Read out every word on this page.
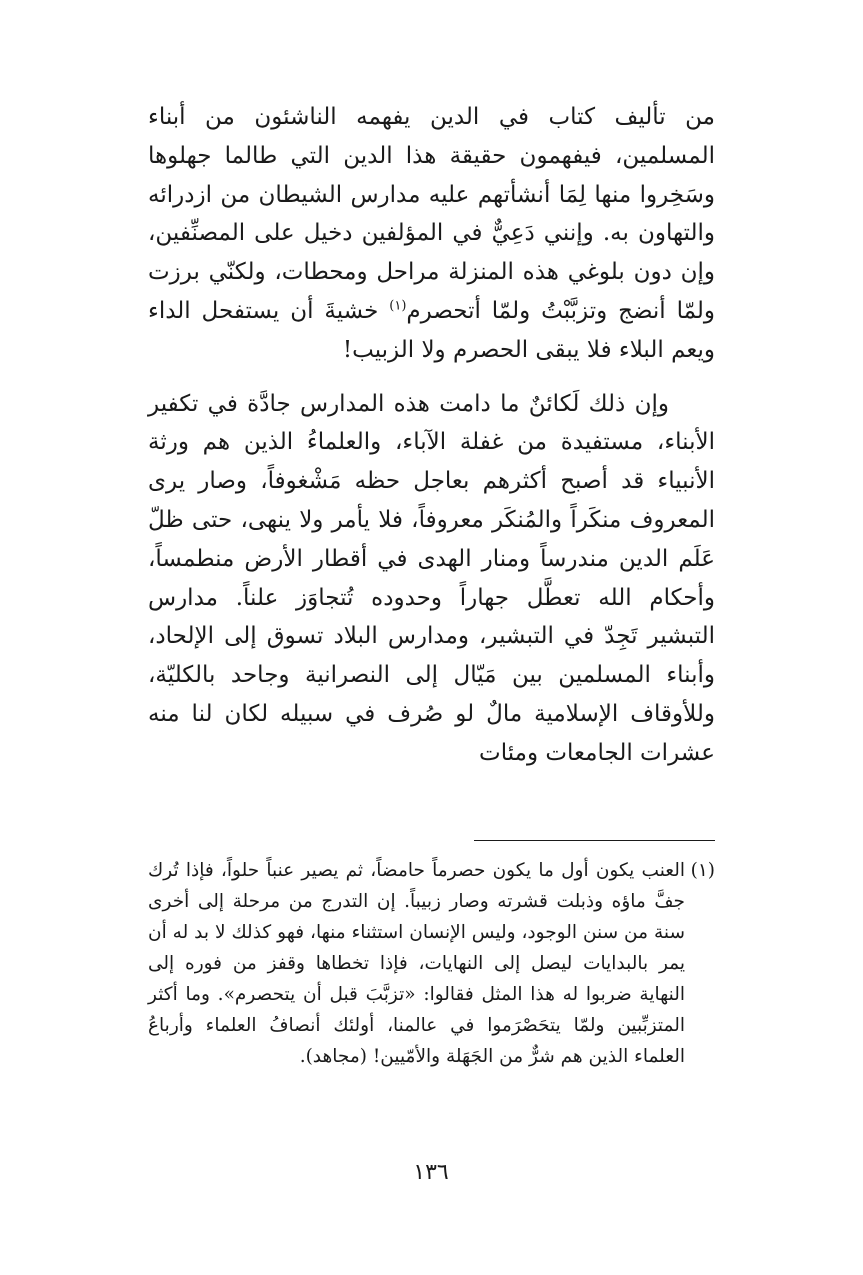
من تأليف كتاب في الدين يفهمه الناشئون من أبناء المسلمين، فيفهمون حقيقة هذا الدين التي طالما جهلوها وسَخِروا منها لِمَا أنشأتهم عليه مدارس الشيطان من ازدرائه والتهاون به. وإنني دَعِيٌّ في المؤلفين دخيل على المصنِّفين، وإن دون بلوغي هذه المنزلة مراحل ومحطات، ولكنّي برزت ولمّا أنضج وتزبَّبْتُ ولمّا أتحصرم$^{(١)}$ خشيةَ أن يستفحل الداء ويعم البلاء فلا يبقى الحصرم ولا الزبيب!

وإن ذلك لَكائنٌ ما دامت هذه المدارس جادَّة في تكفير الأبناء، مستفيدة من غفلة الآباء، والعلماءُ الذين هم ورثة الأنبياء قد أصبح أكثرهم بعاجل حظه مَشْغوفاً، وصار يرى المعروف منكَراً والمُنكَر معروفاً، فلا يأمر ولا ينهى، حتى ظلّ عَلَم الدين مندرساً ومنار الهدى في أقطار الأرض منطمساً، وأحكام الله تعطَّل جهاراً وحدوده تُتجاوَز علناً. مدارس التبشير تَجِدّ في التبشير، ومدارس البلاد تسوق إلى الإلحاد، وأبناء المسلمين بين مَيّال إلى النصرانية وجاحد بالكليّة، وللأوقاف الإسلامية مالٌ لو صُرف في سبيله لكان لنا منه عشرات الجامعات ومئات

(١)
العنب يكون أول ما يكون حصرماً حامضاً، ثم يصير عنباً حلواً، فإذا تُرك جفَّ ماؤه وذبلت قشرته وصار زبيباً. إن التدرج من مرحلة إلى أخرى سنة من سنن الوجود، وليس الإنسان استثناء منها، فهو كذلك لا بد له أن يمر بالبدايات ليصل إلى النهايات، فإذا تخطاها وقفز من فوره إلى النهاية ضربوا له هذا المثل فقالوا: «تزبَّبَ قبل أن يتحصرم». وما أكثر المتزبِّبين ولمّا يتحَصْرَموا في عالمنا، أولئك أنصافُ العلماء وأرباعُ العلماء الذين هم شرٌّ من الجَهَلة والأمّيين! (مجاهد).
١٣٦
